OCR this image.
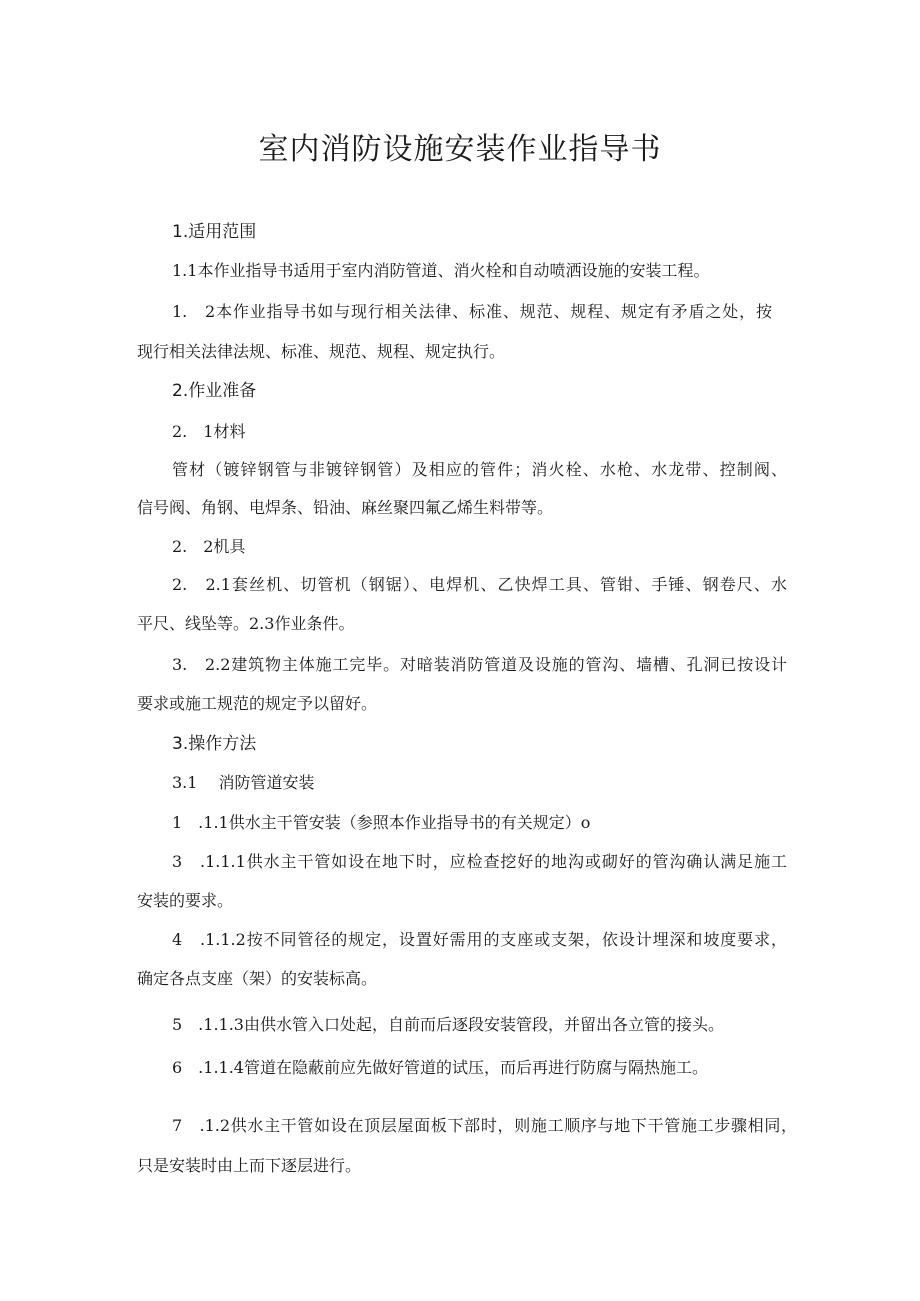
室内消防设施安装作业指导书

1.适用范围

1.1本作业指导书适用于室内消防管道、消火栓和自动喷洒设施的安装工程。

1.　2本作业指导书如与现行相关法律、标准、规范、规程、规定有矛盾之处，按

现行相关法律法规、标准、规范、规程、规定执行。

2.作业准备

2.　1材料

管材（镀锌钢管与非镀锌钢管）及相应的管件；消火栓、水枪、水龙带、控制阀、

信号阀、角钢、电焊条、铅油、麻丝聚四氟乙烯生料带等。

2.　2机具

2.　2.1套丝机、切管机（钢锯）、电焊机、乙快焊工具、管钳、手锤、钢卷尺、水

平尺、线坠等。2.3作业条件。

3.　2.2建筑物主体施工完毕。对暗装消防管道及设施的管沟、墙槽、孔洞已按设计

要求或施工规范的规定予以留好。

3.操作方法

3.1　 消防管道安装

1　.1.1供水主干管安装（参照本作业指导书的有关规定）o

3　.1.1.1供水主干管如设在地下时，应检查挖好的地沟或砌好的管沟确认满足施工

安装的要求。

4　.1.1.2按不同管径的规定，设置好需用的支座或支架，依设计埋深和坡度要求，

确定各点支座（架）的安装标高。

5　.1.1.3由供水管入口处起，自前而后逐段安装管段，并留出各立管的接头。

6　.1.1.4管道在隐蔽前应先做好管道的试压，而后再进行防腐与隔热施工。

7　.1.2供水主干管如设在顶层屋面板下部时，则施工顺序与地下干管施工步骤相同，

只是安装时由上而下逐层进行。
